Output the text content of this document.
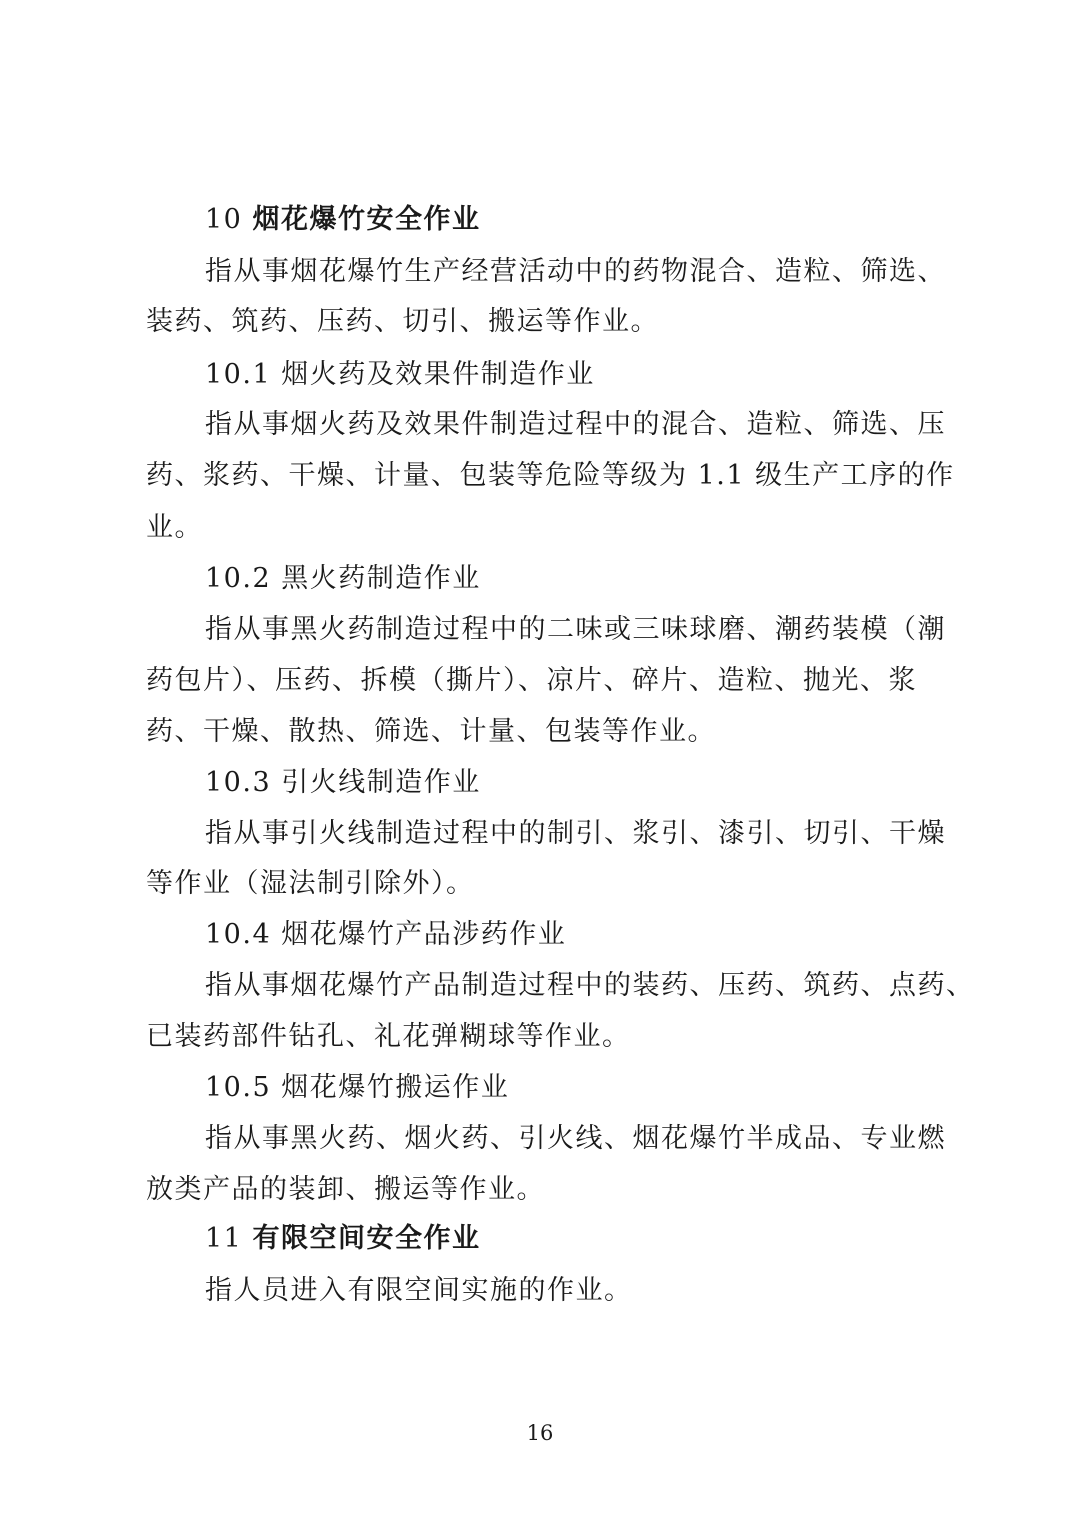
10 烟花爆竹安全作业
指从事烟花爆竹生产经营活动中的药物混合、造粒、筛选、
装药、筑药、压药、切引、搬运等作业。
10.1 烟火药及效果件制造作业
指从事烟火药及效果件制造过程中的混合、造粒、筛选、压
药、浆药、干燥、计量、包装等危险等级为 1.1 级生产工序的作
业。
10.2 黑火药制造作业
指从事黑火药制造过程中的二味或三味球磨、潮药装模（潮
药包片）、压药、拆模（撕片）、凉片、碎片、造粒、抛光、浆
药、干燥、散热、筛选、计量、包装等作业。
10.3 引火线制造作业
指从事引火线制造过程中的制引、浆引、漆引、切引、干燥
等作业（湿法制引除外）。
10.4 烟花爆竹产品涉药作业
指从事烟花爆竹产品制造过程中的装药、压药、筑药、点药、
已装药部件钻孔、礼花弹糊球等作业。
10.5 烟花爆竹搬运作业
指从事黑火药、烟火药、引火线、烟花爆竹半成品、专业燃
放类产品的装卸、搬运等作业。
11 有限空间安全作业
指人员进入有限空间实施的作业。
16
